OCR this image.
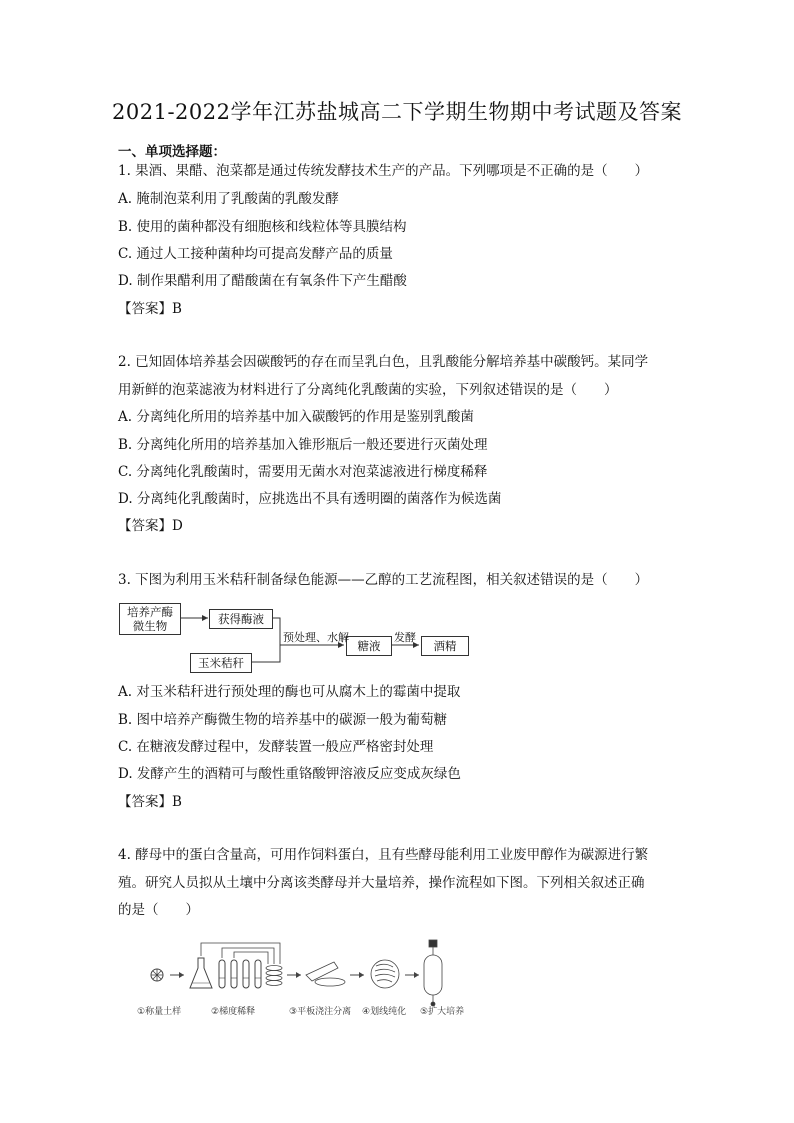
2021-2022学年江苏盐城高二下学期生物期中考试题及答案
一、单项选择题：
1. 果酒、果醋、泡菜都是通过传统发酵技术生产的产品。下列哪项是不正确的是（　　）
A. 腌制泡菜利用了乳酸菌的乳酸发酵
B. 使用的菌种都没有细胞核和线粒体等具膜结构
C. 通过人工接种菌种均可提高发酵产品的质量
D. 制作果醋利用了醋酸菌在有氧条件下产生醋酸
【答案】B
2. 已知固体培养基会因碳酸钙的存在而呈乳白色，且乳酸能分解培养基中碳酸钙。某同学
用新鲜的泡菜滤液为材料进行了分离纯化乳酸菌的实验，下列叙述错误的是（　　）
A. 分离纯化所用的培养基中加入碳酸钙的作用是鉴别乳酸菌
B. 分离纯化所用的培养基加入锥形瓶后一般还要进行灭菌处理
C. 分离纯化乳酸菌时，需要用无菌水对泡菜滤液进行梯度稀释
D. 分离纯化乳酸菌时，应挑选出不具有透明圈的菌落作为候选菌
【答案】D
3. 下图为利用玉米秸秆制备绿色能源——乙醇的工艺流程图，相关叙述错误的是（　　）
培养产酶
微生物	获得酶液
玉米秸秆
糖液	酒精
预处理、水解	发酵
A. 对玉米秸秆进行预处理的酶也可从腐木上的霉菌中提取
B. 图中培养产酶微生物的培养基中的碳源一般为葡萄糖
C. 在糖液发酵过程中，发酵装置一般应严格密封处理
D. 发酵产生的酒精可与酸性重铬酸钾溶液反应变成灰绿色
【答案】B
4. 酵母中的蛋白含量高，可用作饲料蛋白，且有些酵母能利用工业废甲醇作为碳源进行繁
殖。研究人员拟从土壤中分离该类酵母并大量培养，操作流程如下图。下列相关叙述正确
的是（　　）
①称量土样	②梯度稀释	③平板浇注分离 ④划线纯化 ⑤扩大培养
